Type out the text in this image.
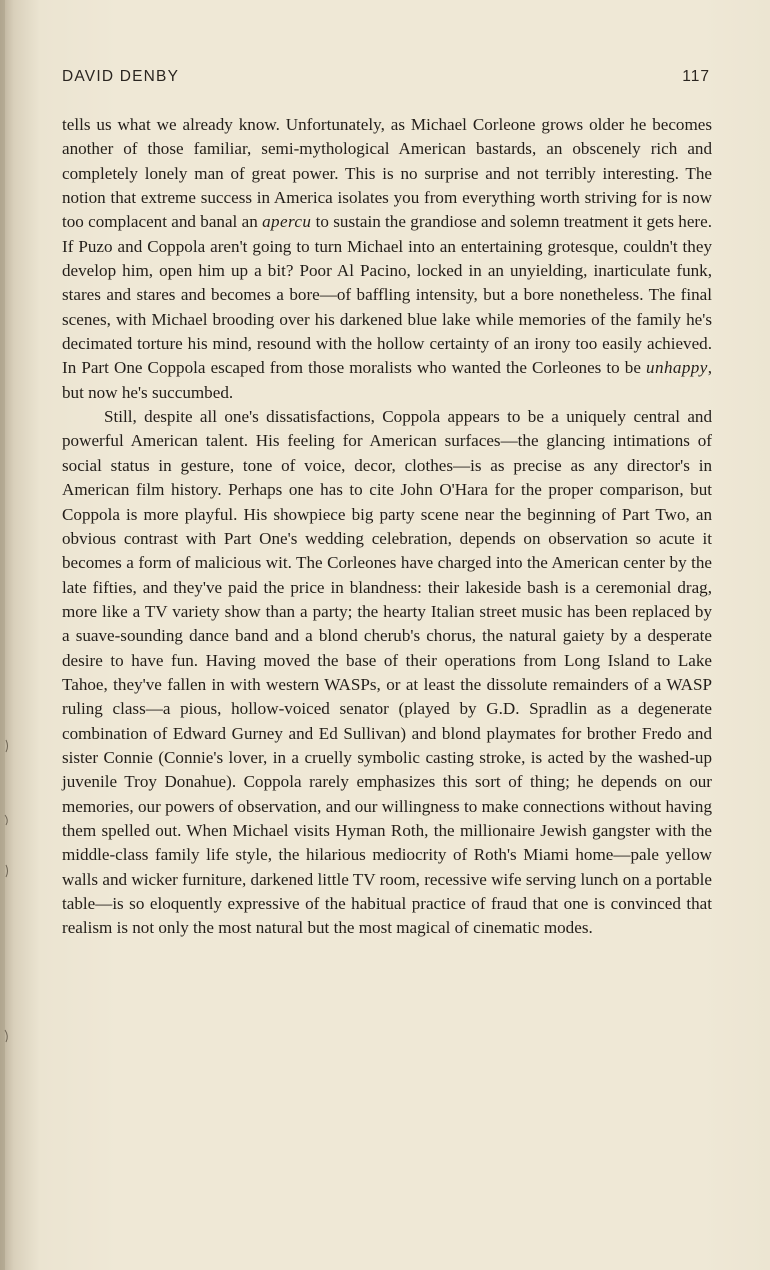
DAVID DENBY	117

tells us what we already know. Unfortunately, as Michael Corleone grows older he becomes another of those familiar, semi-mythological American bastards, an obscenely rich and completely lonely man of great power. This is no surprise and not terribly interesting. The notion that extreme success in America isolates you from everything worth striving for is now too complacent and banal an apercu to sustain the grandiose and solemn treatment it gets here. If Puzo and Coppola aren't going to turn Michael into an entertaining grotesque, couldn't they develop him, open him up a bit? Poor Al Pacino, locked in an unyielding, inarticulate funk, stares and stares and becomes a bore—of baffling intensity, but a bore nonetheless. The final scenes, with Michael brooding over his darkened blue lake while memories of the family he's decimated torture his mind, resound with the hollow certainty of an irony too easily achieved. In Part One Coppola escaped from those moralists who wanted the Corleones to be unhappy, but now he's succumbed.

Still, despite all one's dissatisfactions, Coppola appears to be a uniquely central and powerful American talent. His feeling for American surfaces—the glancing intimations of social status in gesture, tone of voice, decor, clothes—is as precise as any director's in American film history. Perhaps one has to cite John O'Hara for the proper comparison, but Coppola is more playful. His showpiece big party scene near the beginning of Part Two, an obvious contrast with Part One's wedding celebration, depends on observation so acute it becomes a form of malicious wit. The Corleones have charged into the American center by the late fifties, and they've paid the price in blandness: their lakeside bash is a ceremonial drag, more like a TV variety show than a party; the hearty Italian street music has been replaced by a suave-sounding dance band and a blond cherub's chorus, the natural gaiety by a desperate desire to have fun. Having moved the base of their operations from Long Island to Lake Tahoe, they've fallen in with western WASPs, or at least the dissolute remainders of a WASP ruling class—a pious, hollow-voiced senator (played by G.D. Spradlin as a degenerate combination of Edward Gurney and Ed Sullivan) and blond playmates for brother Fredo and sister Connie (Connie's lover, in a cruelly symbolic casting stroke, is acted by the washed-up juvenile Troy Donahue). Coppola rarely emphasizes this sort of thing; he depends on our memories, our powers of observation, and our willingness to make connections without having them spelled out. When Michael visits Hyman Roth, the millionaire Jewish gangster with the middle-class family life style, the hilarious mediocrity of Roth's Miami home—pale yellow walls and wicker furniture, darkened little TV room, recessive wife serving lunch on a portable table—is so eloquently expressive of the habitual practice of fraud that one is convinced that realism is not only the most natural but the most magical of cinematic modes.
